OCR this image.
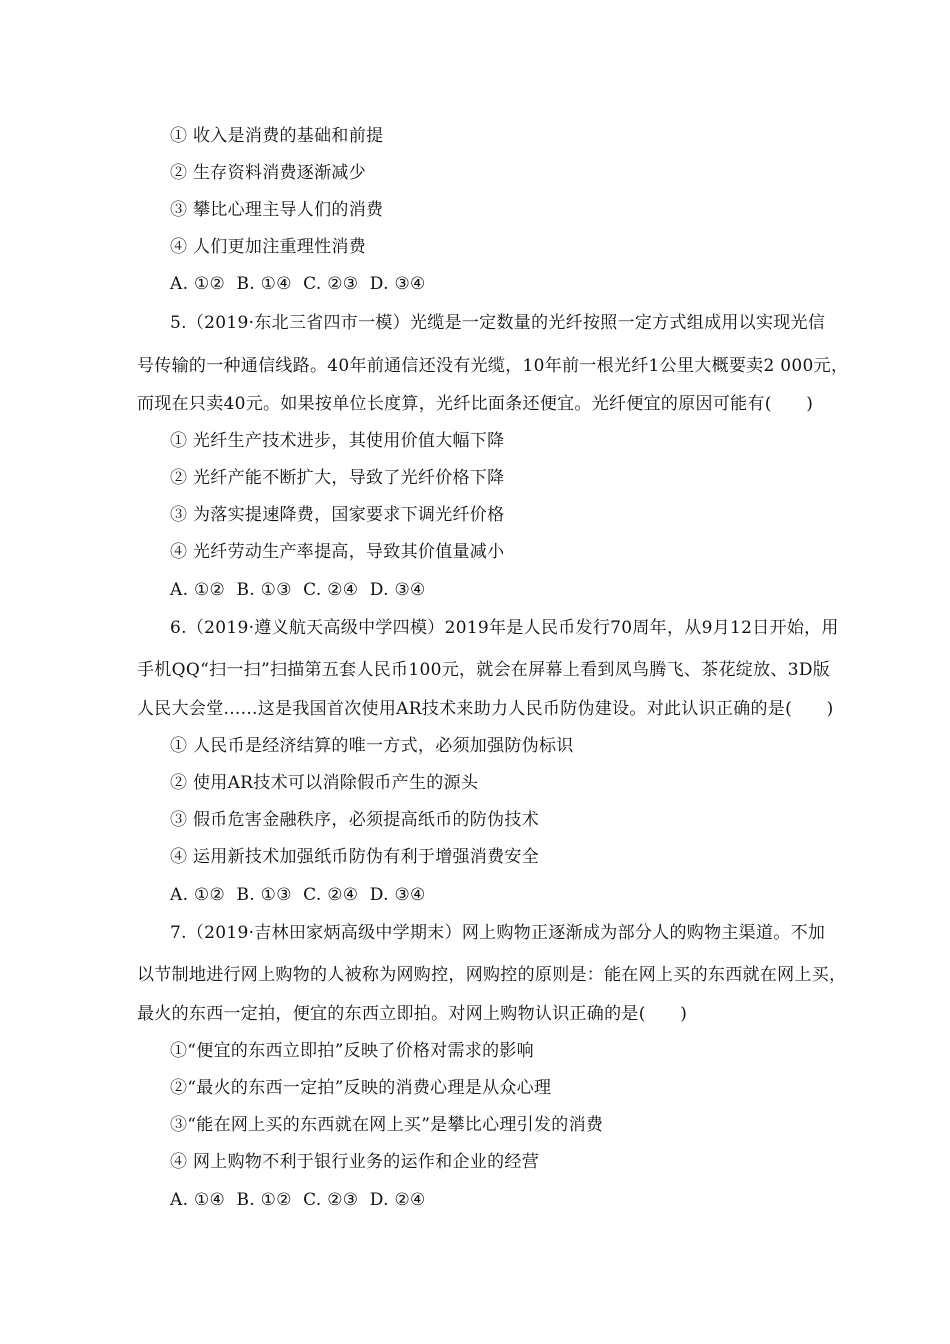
① 收入是消费的基础和前提
② 生存资料消费逐渐减少
③ 攀比心理主导人们的消费
④ 人们更加注重理性消费
A. ①②  B. ①④  C. ②③  D. ③④
5.（2019·东北三省四市一模）光缆是一定数量的光纤按照一定方式组成用以实现光信
号传输的一种通信线路。40年前通信还没有光缆，10年前一根光纤1公里大概要卖2 000元，
而现在只卖40元。如果按单位长度算，光纤比面条还便宜。光纤便宜的原因可能有(　　)
① 光纤生产技术进步，其使用价值大幅下降
② 光纤产能不断扩大，导致了光纤价格下降
③ 为落实提速降费，国家要求下调光纤价格
④ 光纤劳动生产率提高，导致其价值量减小
A. ①②  B. ①③  C. ②④  D. ③④
6.（2019·遵义航天高级中学四模）2019年是人民币发行70周年，从9月12日开始，用
手机QQ“扫一扫”扫描第五套人民币100元，就会在屏幕上看到凤鸟腾飞、茶花绽放、3D版
人民大会堂......这是我国首次使用AR技术来助力人民币防伪建设。对此认识正确的是(　　)
① 人民币是经济结算的唯一方式，必须加强防伪标识
② 使用AR技术可以消除假币产生的源头
③ 假币危害金融秩序，必须提高纸币的防伪技术
④ 运用新技术加强纸币防伪有利于增强消费安全
A. ①②  B. ①③  C. ②④  D. ③④
7.（2019·吉林田家炳高级中学期末）网上购物正逐渐成为部分人的购物主渠道。不加
以节制地进行网上购物的人被称为网购控，网购控的原则是：能在网上买的东西就在网上买，
最火的东西一定拍，便宜的东西立即拍。对网上购物认识正确的是(　　)
①“便宜的东西立即拍”反映了价格对需求的影响
②“最火的东西一定拍”反映的消费心理是从众心理
③“能在网上买的东西就在网上买”是攀比心理引发的消费
④ 网上购物不利于银行业务的运作和企业的经营
A. ①④  B. ①②  C. ②③  D. ②④
